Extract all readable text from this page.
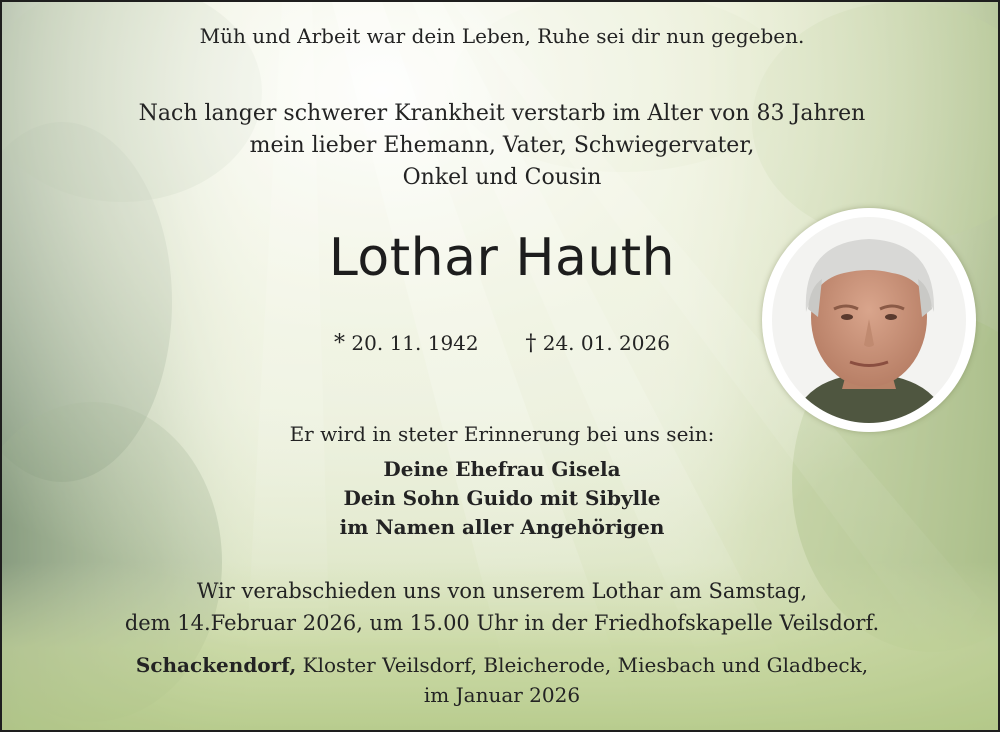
Müh und Arbeit war dein Leben, Ruhe sei dir nun gegeben.
Nach langer schwerer Krankheit verstarb im Alter von 83 Jahren
mein lieber Ehemann, Vater, Schwiegervater,
Onkel und Cousin
Lothar Hauth
* 20. 11. 1942 † 24. 01. 2026
Er wird in steter Erinnerung bei uns sein:
Deine Ehefrau Gisela
Dein Sohn Guido mit Sibylle
im Namen aller Angehörigen
Wir verabschieden uns von unserem Lothar am Samstag,
dem 14.Februar 2026, um 15.00 Uhr in der Friedhofskapelle Veilsdorf.
Schackendorf, Kloster Veilsdorf, Bleicherode, Miesbach und Gladbeck,
im Januar 2026
